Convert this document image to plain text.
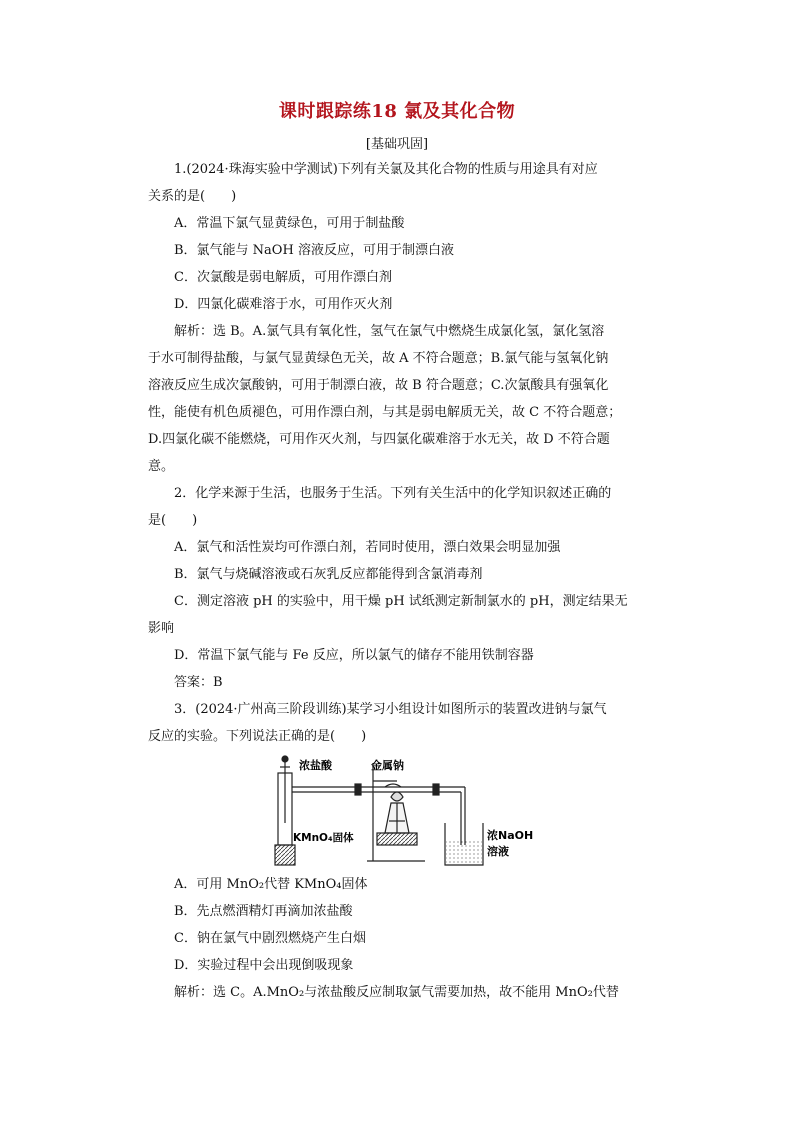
课时跟踪练18 氯及其化合物
[基础巩固]

1.(2024·珠海实验中学测试)下列有关氯及其化合物的性质与用途具有对应

关系的是(　　)

A．常温下氯气显黄绿色，可用于制盐酸

B．氯气能与 NaOH 溶液反应，可用于制漂白液

C．次氯酸是弱电解质，可用作漂白剂

D．四氯化碳难溶于水，可用作灭火剂

解析：选 B。A.氯气具有氧化性，氢气在氯气中燃烧生成氯化氢，氯化氢溶

于水可制得盐酸，与氯气显黄绿色无关，故 A 不符合题意；B.氯气能与氢氧化钠

溶液反应生成次氯酸钠，可用于制漂白液，故 B 符合题意；C.次氯酸具有强氧化

性，能使有机色质褪色，可用作漂白剂，与其是弱电解质无关，故 C 不符合题意；

D.四氯化碳不能燃烧，可用作灭火剂，与四氯化碳难溶于水无关，故 D 不符合题

意。

2．化学来源于生活，也服务于生活。下列有关生活中的化学知识叙述正确的

是(　　)

A．氯气和活性炭均可作漂白剂，若同时使用，漂白效果会明显加强

B．氯气与烧碱溶液或石灰乳反应都能得到含氯消毒剂

C．测定溶液 pH 的实验中，用干燥 pH 试纸测定新制氯水的 pH，测定结果无

影响

D．常温下氯气能与 Fe 反应，所以氯气的储存不能用铁制容器

答案：B

3．(2024·广州高三阶段训练)某学习小组设计如图所示的装置改进钠与氯气

反应的实验。下列说法正确的是(　　)

浓盐酸	金属钠
KMnO₄固体	浓NaOH
溶液

A．可用 MnO₂代替 KMnO₄固体

B．先点燃酒精灯再滴加浓盐酸

C．钠在氯气中剧烈燃烧产生白烟

D．实验过程中会出现倒吸现象

解析：选 C。A.MnO₂与浓盐酸反应制取氯气需要加热，故不能用 MnO₂代替
